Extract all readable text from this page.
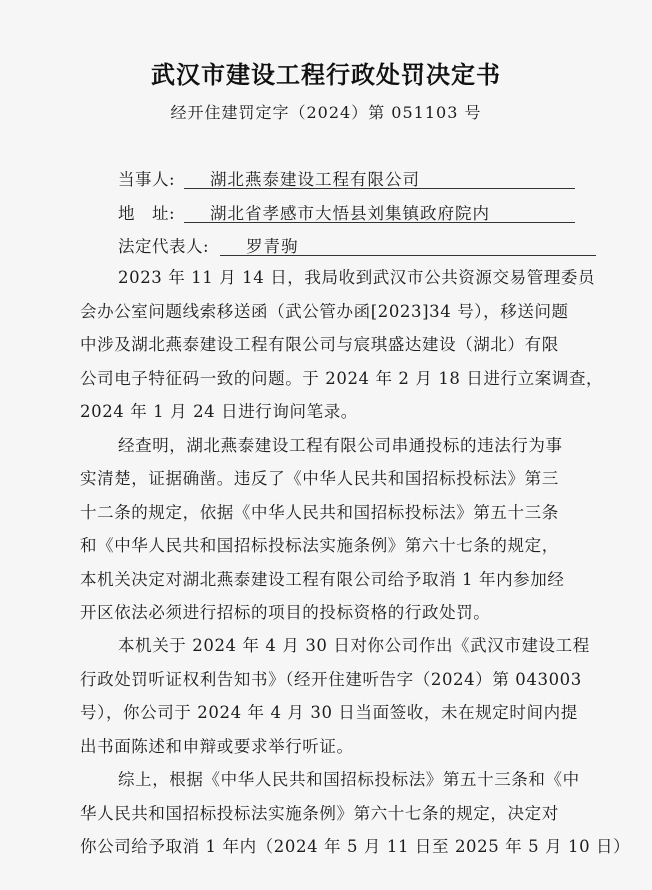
武汉市建设工程行政处罚决定书
经开住建罚定字（2024）第 051103 号
当事人:	湖北燕泰建设工程有限公司
地　址:	湖北省孝感市大悟县刘集镇政府院内
法定代表人:	罗青驹
2023 年 11 月 14 日，我局收到武汉市公共资源交易管理委员
会办公室问题线索移送函（武公管办函[2023]34 号），移送问题
中涉及湖北燕泰建设工程有限公司与宸琪盛达建设（湖北）有限
公司电子特征码一致的问题。于 2024 年 2 月 18 日进行立案调查，
2024 年 1 月 24 日进行询问笔录。
经查明，湖北燕泰建设工程有限公司串通投标的违法行为事
实清楚，证据确凿。违反了《中华人民共和国招标投标法》第三
十二条的规定，依据《中华人民共和国招标投标法》第五十三条
和《中华人民共和国招标投标法实施条例》第六十七条的规定，
本机关决定对湖北燕泰建设工程有限公司给予取消 1 年内参加经
开区依法必须进行招标的项目的投标资格的行政处罚。
本机关于 2024 年 4 月 30 日对你公司作出《武汉市建设工程
行政处罚听证权利告知书》（经开住建听告字（2024）第 043003
号），你公司于 2024 年 4 月 30 日当面签收，未在规定时间内提
出书面陈述和申辩或要求举行听证。
综上，根据《中华人民共和国招标投标法》第五十三条和《中
华人民共和国招标投标法实施条例》第六十七条的规定，决定对
你公司给予取消 1 年内（2024 年 5 月 11 日至 2025 年 5 月 10 日）
